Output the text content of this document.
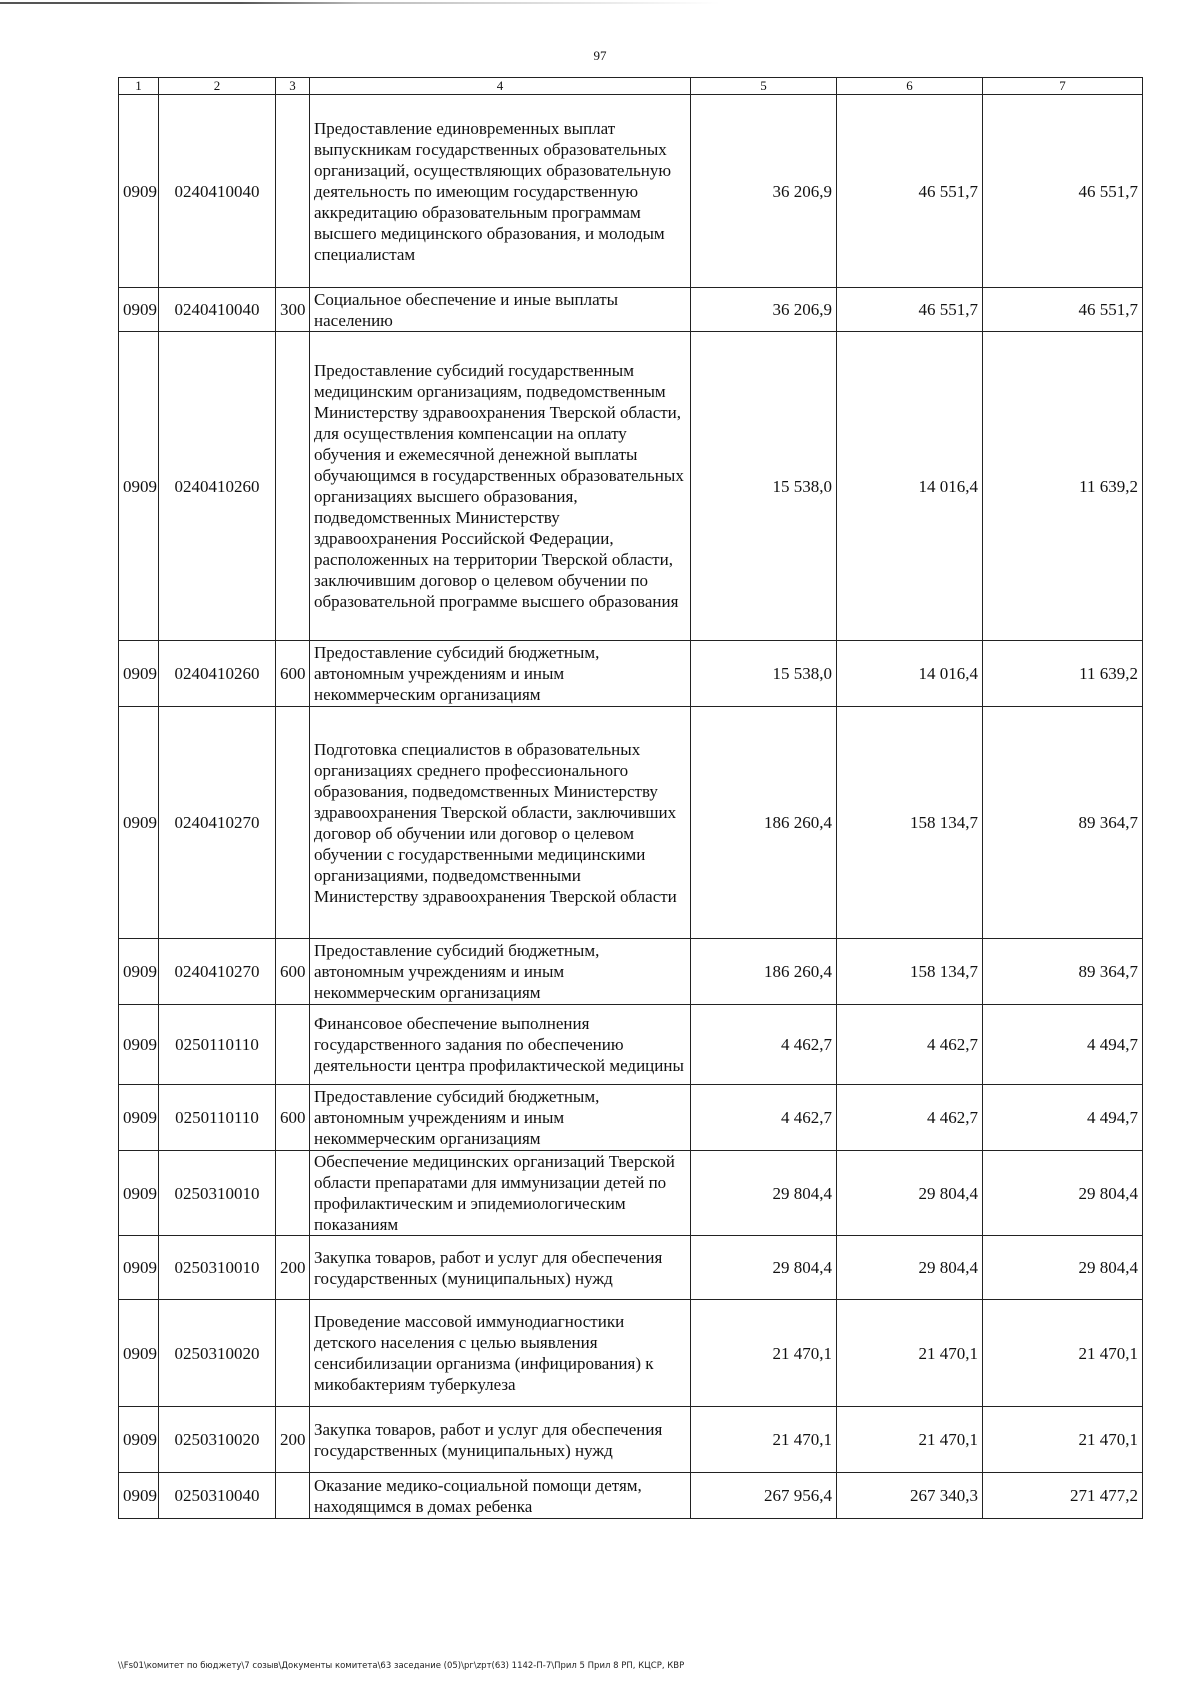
97
1	2	3	4	5	6	7
0909	0240410040		Предоставление единовременных выплат выпускникам государственных образовательных организаций, осуществляющих образовательную деятельность по имеющим государственную аккредитацию образовательным программам высшего медицинского образования, и молодым специалистам	36 206,9	46 551,7	46 551,7
0909	0240410040	300	Социальное обеспечение и иные выплаты населению	36 206,9	46 551,7	46 551,7
0909	0240410260		Предоставление субсидий государственным медицинским организациям, подведомственным Министерству здравоохранения Тверской области, для осуществления компенсации на оплату обучения и ежемесячной денежной выплаты обучающимся в государственных образовательных организациях высшего образования, подведомственных Министерству здравоохранения Российской Федерации, расположенных на территории Тверской области, заключившим договор о целевом обучении по образовательной программе высшего образования	15 538,0	14 016,4	11 639,2
0909	0240410260	600	Предоставление субсидий бюджетным, автономным учреждениям и иным некоммерческим организациям	15 538,0	14 016,4	11 639,2
0909	0240410270		Подготовка специалистов в образовательных организациях среднего профессионального образования, подведомственных Министерству здравоохранения Тверской области, заключивших договор об обучении или договор о целевом обучении с государственными медицинскими организациями, подведомственными Министерству здравоохранения Тверской области	186 260,4	158 134,7	89 364,7
0909	0240410270	600	Предоставление субсидий бюджетным, автономным учреждениям и иным некоммерческим организациям	186 260,4	158 134,7	89 364,7
0909	0250110110		Финансовое обеспечение выполнения государственного задания по обеспечению деятельности центра профилактической медицины	4 462,7	4 462,7	4 494,7
0909	0250110110	600	Предоставление субсидий бюджетным, автономным учреждениям и иным некоммерческим организациям	4 462,7	4 462,7	4 494,7
0909	0250310010		Обеспечение медицинских организаций Тверской области препаратами для иммунизации детей по профилактическим и эпидемиологическим показаниям	29 804,4	29 804,4	29 804,4
0909	0250310010	200	Закупка товаров, работ и услуг для обеспечения государственных (муниципальных) нужд	29 804,4	29 804,4	29 804,4
0909	0250310020		Проведение массовой иммунодиагностики детского населения с целью выявления сенсибилизации организма (инфицирования) к микобактериям туберкулеза	21 470,1	21 470,1	21 470,1
0909	0250310020	200	Закупка товаров, работ и услуг для обеспечения государственных (муниципальных) нужд	21 470,1	21 470,1	21 470,1
0909	0250310040		Оказание медико-социальной помощи детям, находящимся в домах ребенка	267 956,4	267 340,3	271 477,2
\\Fs01\комитет по бюджету\7 созыв\Документы комитета\63 заседание (05)\рг\zрт(63) 1142-П-7\Прил 5 Прил 8 РП, КЦСР, КВР
